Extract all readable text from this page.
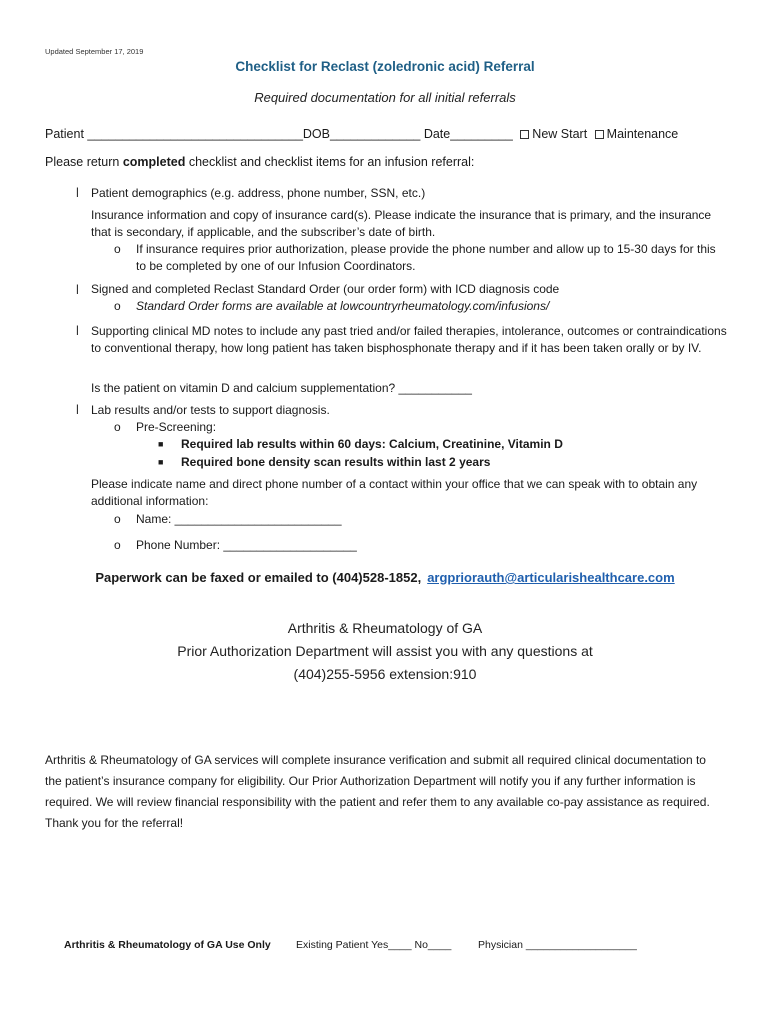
Updated September 17, 2019
Checklist for Reclast (zoledronic acid) Referral
Required documentation for all initial referrals
Patient _______________________________DOB_____________ Date_________ New Start Maintenance
Please return completed checklist and checklist items for an infusion referral:
l Patient demographics (e.g. address, phone number, SSN, etc.)
Insurance information and copy of insurance card(s). Please indicate the insurance that is primary, and the insurance that is secondary, if applicable, and the subscriber’s date of birth.
o If insurance requires prior authorization, please provide the phone number and allow up to 15-30 days for this to be completed by one of our Infusion Coordinators.
l Signed and completed Reclast Standard Order (our order form) with ICD diagnosis code
o Standard Order forms are available at lowcountryrheumatology.com/infusions/
l Supporting clinical MD notes to include any past tried and/or failed therapies, intolerance, outcomes or contraindications to conventional therapy, how long patient has taken bisphosphonate therapy and if it has been taken orally or by IV.
Is the patient on vitamin D and calcium supplementation? ___________
l Lab results and/or tests to support diagnosis.
o Pre-Screening:
■ Required lab results within 60 days: Calcium, Creatinine, Vitamin D
■ Required bone density scan results within last 2 years
Please indicate name and direct phone number of a contact within your office that we can speak with to obtain any additional information:
o Name: _________________________
o Phone Number: ____________________
Paperwork can be faxed or emailed to (404)528-1852, argpriorauth@articularishealthcare.com
Arthritis & Rheumatology of GA
Prior Authorization Department will assist you with any questions at
(404)255-5956 extension:910
Arthritis & Rheumatology of GA services will complete insurance verification and submit all required clinical documentation to the patient’s insurance company for eligibility. Our Prior Authorization Department will notify you if any further information is required. We will review financial responsibility with the patient and refer them to any available co-pay assistance as required. Thank you for the referral!
Arthritis & Rheumatology of GA Use Only Existing Patient Yes____ No____	Physician ___________________
